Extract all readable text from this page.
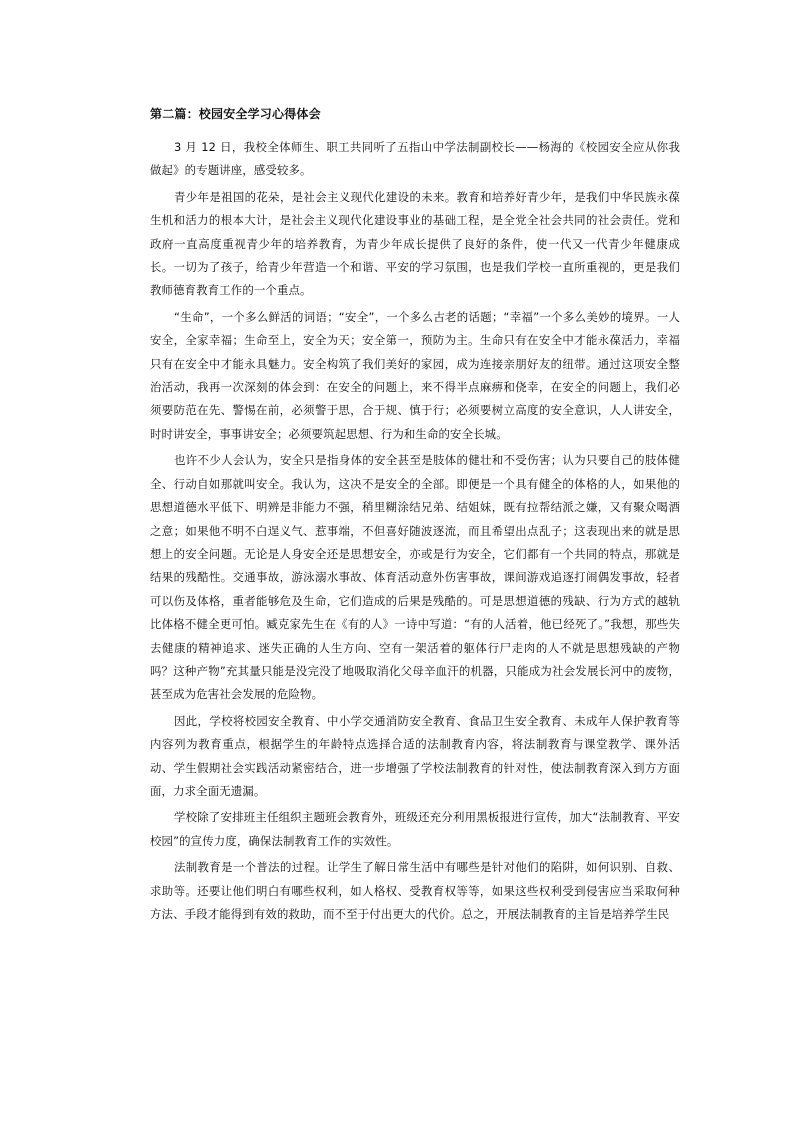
第二篇：校园安全学习心得体会

3 月 12 日，我校全体师生、职工共同听了五指山中学法制副校长——杨海的《校园安全应从你我做起》的专题讲座，感受较多。

青少年是祖国的花朵，是社会主义现代化建设的未来。教育和培养好青少年，是我们中华民族永葆生机和活力的根本大计，是社会主义现代化建设事业的基础工程，是全党全社会共同的社会责任。党和政府一直高度重视青少年的培养教育，为青少年成长提供了良好的条件，使一代又一代青少年健康成长。一切为了孩子，给青少年营造一个和谐、平安的学习氛围，也是我们学校一直所重视的，更是我们教师德育教育工作的一个重点。

“生命”，一个多么鲜活的词语；“安全”，一个多么古老的话题；“幸福”一个多么美妙的境界。一人安全，全家幸福；生命至上，安全为天；安全第一，预防为主。生命只有在安全中才能永葆活力，幸福只有在安全中才能永具魅力。安全构筑了我们美好的家园，成为连接亲朋好友的纽带。通过这项安全整治活动，我再一次深刻的体会到：在安全的问题上，来不得半点麻痹和侥幸，在安全的问题上，我们必须要防范在先、警惕在前，必须警于思，合于规、慎于行；必须要树立高度的安全意识，人人讲安全，时时讲安全，事事讲安全；必须要筑起思想、行为和生命的安全长城。

也许不少人会认为，安全只是指身体的安全甚至是肢体的健壮和不受伤害；认为只要自己的肢体健全、行动自如那就叫安全。我认为，这决不是安全的全部。即便是一个具有健全的体格的人，如果他的思想道德水平低下、明辨是非能力不强，稍里糊涂结兄弟、结姐妹，既有拉帮结派之嫌，又有聚众喝酒之意；如果他不明不白逞义气、惹事端，不但喜好随波逐流，而且希望出点乱子；这表现出来的就是思想上的安全问题。无论是人身安全还是思想安全，亦或是行为安全，它们都有一个共同的特点，那就是结果的残酷性。交通事故，游泳溺水事故、体育活动意外伤害事故，课间游戏追逐打闹偶发事故，轻者可以伤及体格，重者能够危及生命，它们造成的后果是残酷的。可是思想道德的残缺、行为方式的越轨比体格不健全更可怕。臧克家先生在《有的人》一诗中写道：“有的人活着，他已经死了。”我想，那些失去健康的精神追求、迷失正确的人生方向、空有一架活着的躯体行尸走肉的人不就是思想残缺的产物吗？这种产物”充其量只能是没完没了地吸取消化父母辛血汗的机器，只能成为社会发展长河中的废物，甚至成为危害社会发展的危险物。

因此，学校将校园安全教育、中小学交通消防安全教育、食品卫生安全教育、未成年人保护教育等内容列为教育重点，根据学生的年龄特点选择合适的法制教育内容，将法制教育与课堂教学、课外活动、学生假期社会实践活动紧密结合，进一步增强了学校法制教育的针对性，使法制教育深入到方方面面，力求全面无遗漏。

学校除了安排班主任组织主题班会教育外，班级还充分利用黑板报进行宣传，加大“法制教育、平安校园”的宣传力度，确保法制教育工作的实效性。

法制教育是一个普法的过程。让学生了解日常生活中有哪些是针对他们的陷阱，如何识别、自救、求助等。还要让他们明白有哪些权利，如人格权、受教育权等等，如果这些权利受到侵害应当采取何种方法、手段才能得到有效的救助，而不至于付出更大的代价。总之，开展法制教育的主旨是培养学生民
